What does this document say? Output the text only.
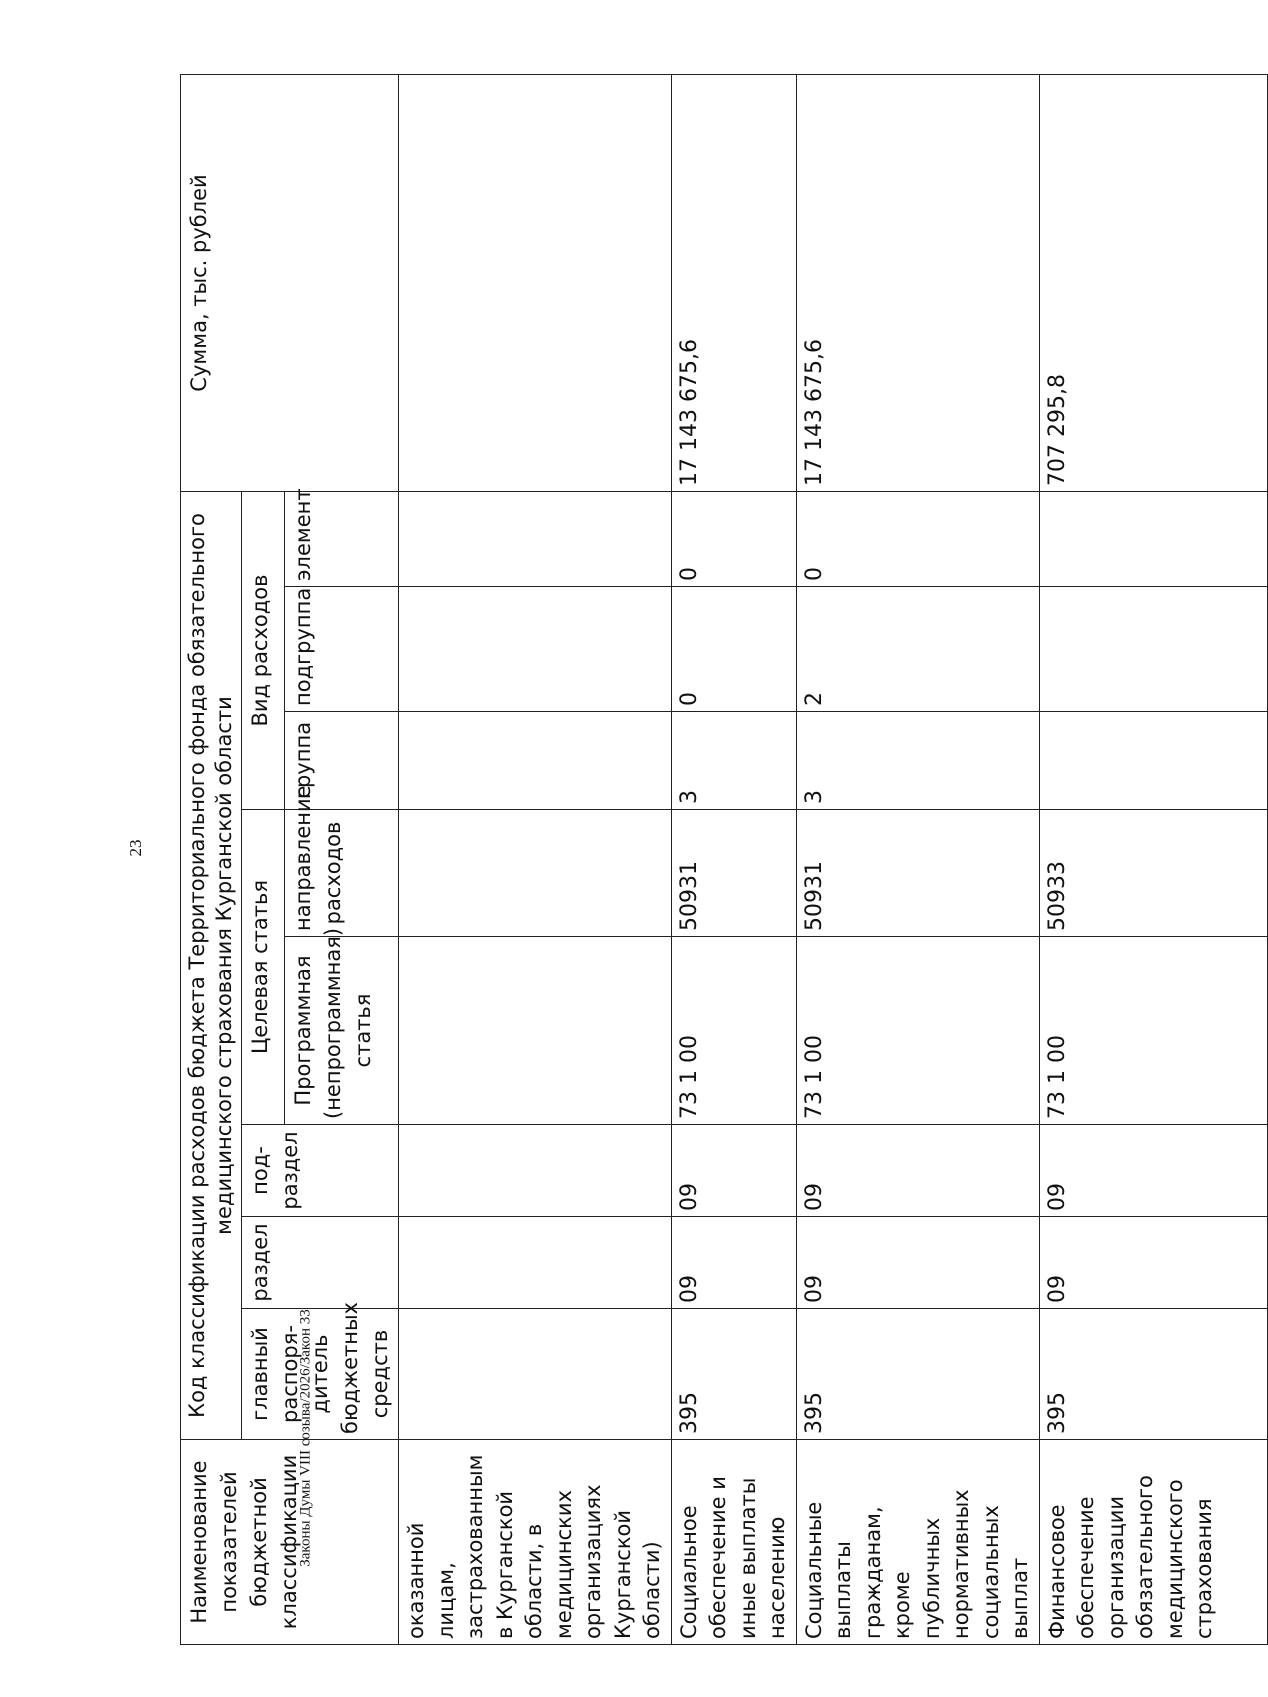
23
Наименование показателей бюджетной классификации	Код классификации расходов бюджета Территориального фонда обязательного медицинского страхования Курганской области								Сумма, тыс. рублей
	главный распоря-дитель бюджетных средств	раздел	под-раздел	Целевая статья		Вид расходов			
				Программная (непрограммная) статья	направление расходов	группа	подгруппа	элемент	
оказанной лицам, застрахованным в Курганской области, в медицинских организациях Курганской области)									
Социальное обеспечение и иные выплаты населению	395	09	09	73 1 00	50931	3	0	0	17 143 675,6
Социальные выплаты гражданам, кроме публичных нормативных социальных выплат	395	09	09	73 1 00	50931	3	2	0	17 143 675,6
Финансовое обеспечение организации обязательного медицинского страхования	395	09	09	73 1 00	50933				707 295,8
Законы Думы VIII созыва/2026/Закон 33
